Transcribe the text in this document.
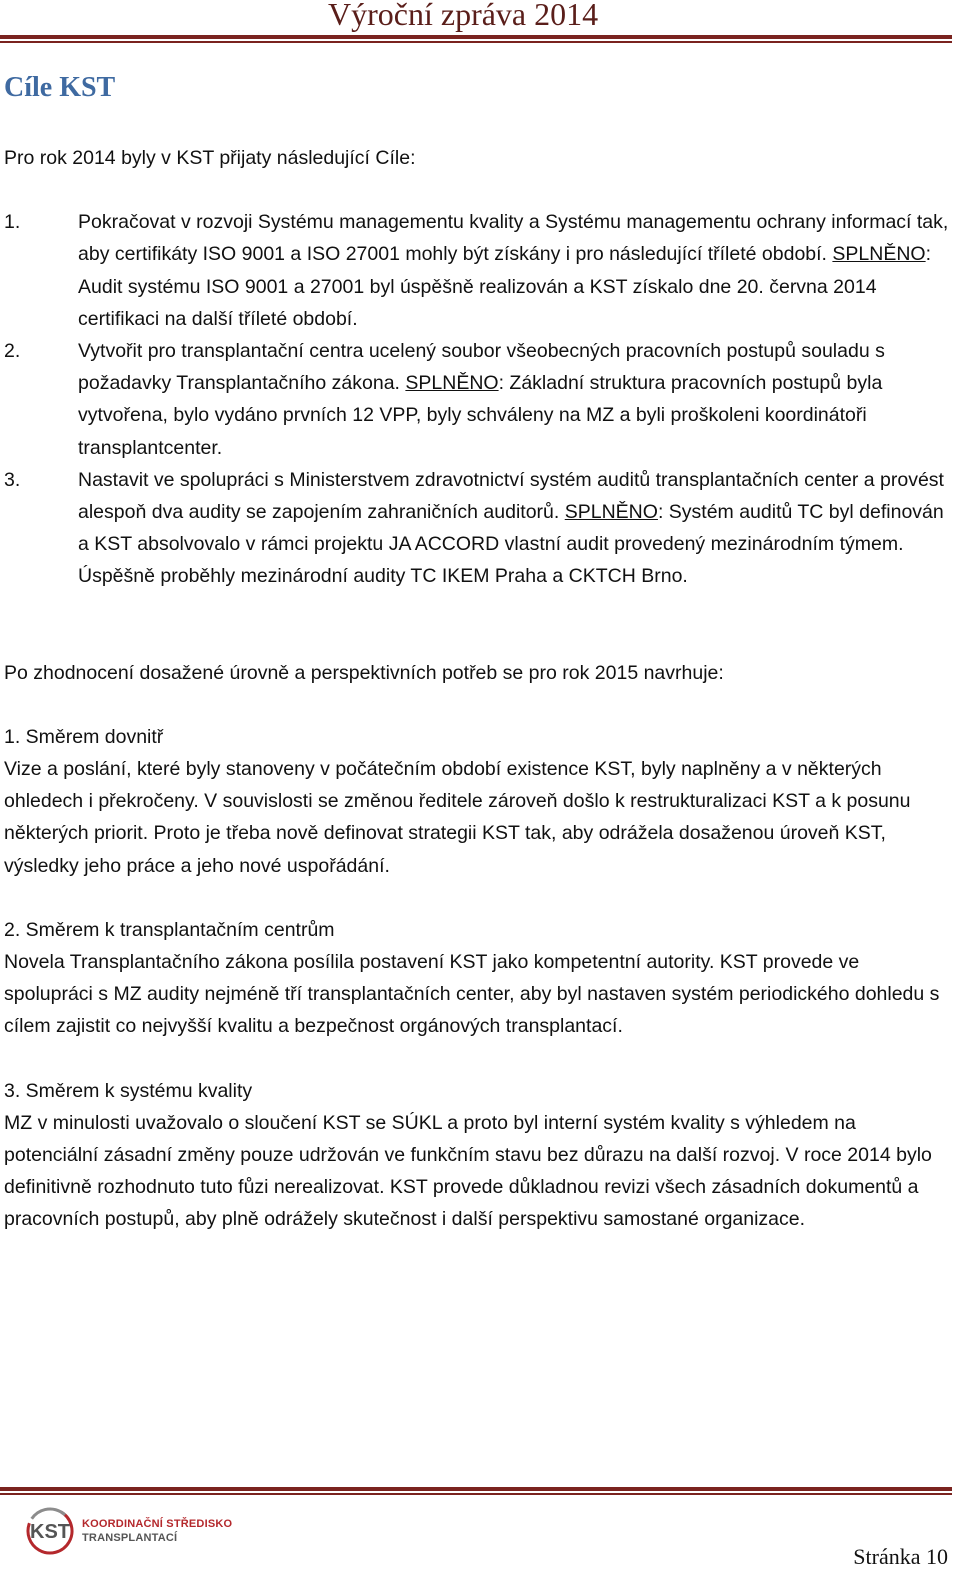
Výroční zpráva 2014
Cíle KST

Pro rok 2014 byly v KST přijaty následující Cíle:

1.	Pokračovat v rozvoji Systému managementu kvality a Systému managementu ochrany informací tak, aby certifikáty ISO 9001 a ISO 27001 mohly být získány i pro následující tříleté období. SPLNĚNO: Audit systému ISO 9001 a 27001 byl úspěšně realizován a KST získalo dne 20. června 2014 certifikaci na další tříleté období.
2.	Vytvořit pro transplantační centra ucelený soubor všeobecných pracovních postupů souladu s požadavky Transplantačního zákona. SPLNĚNO: Základní struktura pracovních postupů byla vytvořena, bylo vydáno prvních 12 VPP, byly schváleny na MZ a byli proškoleni koordinátoři transplantcenter.
3.	Nastavit ve spolupráci s Ministerstvem zdravotnictví systém auditů transplantačních center a provést alespoň dva audity se zapojením zahraničních auditorů. SPLNĚNO: Systém auditů TC byl definován a KST absolvovalo v rámci projektu JA ACCORD vlastní audit provedený mezinárodním týmem. Úspěšně proběhly mezinárodní audity TC IKEM Praha a CKTCH Brno.

Po zhodnocení dosažené úrovně a perspektivních potřeb se pro rok 2015 navrhuje:

1. Směrem dovnitř

Vize a poslání, které byly stanoveny v počátečním období existence KST, byly naplněny a v některých ohledech i překročeny. V souvislosti se změnou ředitele zároveň došlo k restrukturalizaci KST a k posunu některých priorit. Proto je třeba nově definovat strategii KST tak, aby odrážela dosaženou úroveň KST, výsledky jeho práce a jeho nové uspořádání.

2. Směrem k transplantačním centrům

Novela Transplantačního zákona posílila postavení KST jako kompetentní autority. KST provede ve spolupráci s MZ audity nejméně tří transplantačních center, aby byl nastaven systém periodického dohledu s cílem zajistit co nejvyšší kvalitu a bezpečnost orgánových transplantací.

3. Směrem k systému kvality

MZ v minulosti uvažovalo o sloučení KST se SÚKL a proto byl interní systém kvality s výhledem na potenciální zásadní změny pouze udržován ve funkčním stavu bez důrazu na další rozvoj. V roce 2014 bylo definitivně rozhodnuto tuto fůzi nerealizovat. KST provede důkladnou revizi všech zásadních dokumentů a pracovních postupů, aby plně odrážely skutečnost i další perspektivu samostané organizace.

KST KOORDINAČNÍ STŘEDISKO
TRANSPLANTACÍ
Stránka 10
